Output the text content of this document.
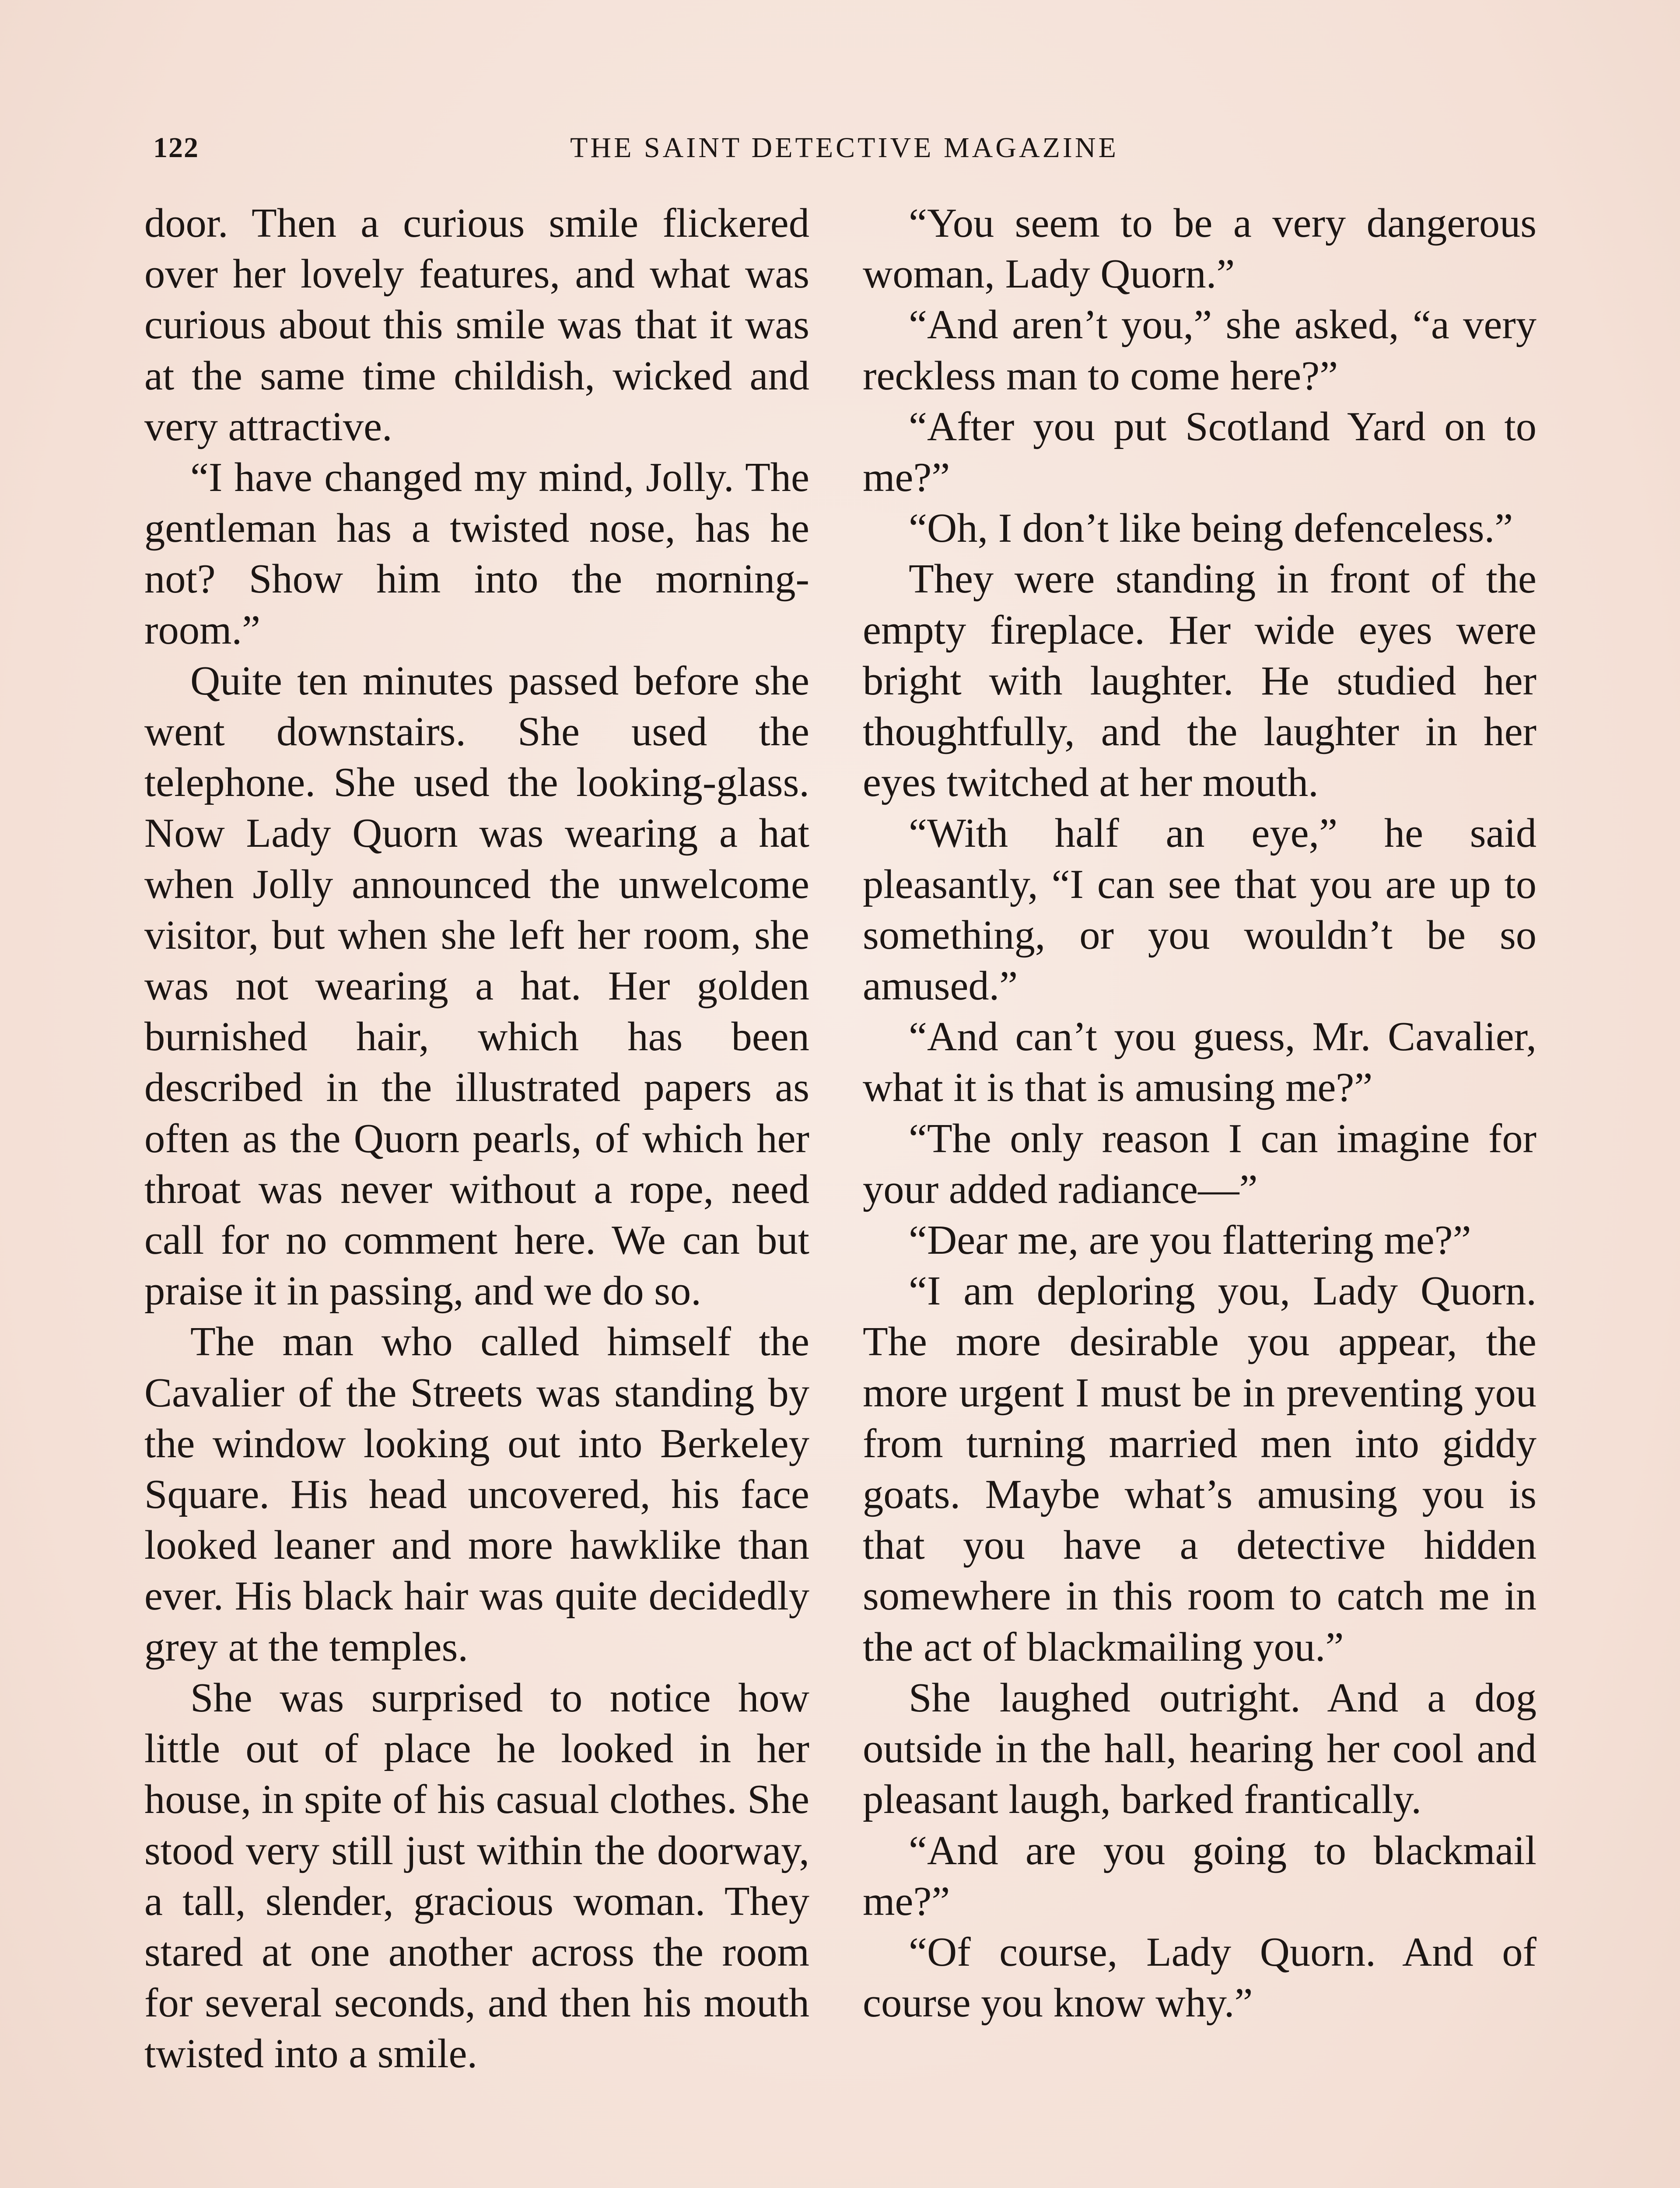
122	THE SAINT DETECTIVE MAGAZINE

door. Then a curious smile flickered over her lovely features, and what was curious about this smile was that it was at the same time childish, wicked and very attractive.

“I have changed my mind, Jolly. The gentleman has a twisted nose, has he not? Show him into the morning-room.”

Quite ten minutes passed before she went downstairs. She used the telephone. She used the looking-glass. Now Lady Quorn was wearing a hat when Jolly announced the unwelcome visitor, but when she left her room, she was not wearing a hat. Her golden burnished hair, which has been described in the illustrated papers as often as the Quorn pearls, of which her throat was never without a rope, need call for no comment here. We can but praise it in passing, and we do so.

The man who called himself the Cavalier of the Streets was standing by the window looking out into Berkeley Square. His head uncovered, his face looked leaner and more hawklike than ever. His black hair was quite decidedly grey at the temples.

She was surprised to notice how little out of place he looked in her house, in spite of his casual clothes. She stood very still just within the doorway, a tall, slender, gracious woman. They stared at one another across the room for several seconds, and then his mouth twisted into a smile.

“You seem to be a very dangerous woman, Lady Quorn.”

“And aren’t you,” she asked, “a very reckless man to come here?”

“After you put Scotland Yard on to me?”

“Oh, I don’t like being defenceless.”

They were standing in front of the empty fireplace. Her wide eyes were bright with laughter. He studied her thoughtfully, and the laughter in her eyes twitched at her mouth.

“With half an eye,” he said pleasantly, “I can see that you are up to something, or you wouldn’t be so amused.”

“And can’t you guess, Mr. Cavalier, what it is that is amusing me?”

“The only reason I can imagine for your added radiance—”

“Dear me, are you flattering me?”

“I am deploring you, Lady Quorn. The more desirable you appear, the more urgent I must be in preventing you from turning married men into giddy goats. Maybe what’s amusing you is that you have a detective hidden somewhere in this room to catch me in the act of blackmailing you.”

She laughed outright. And a dog outside in the hall, hearing her cool and pleasant laugh, barked frantically.

“And are you going to blackmail me?”

“Of course, Lady Quorn. And of course you know why.”
